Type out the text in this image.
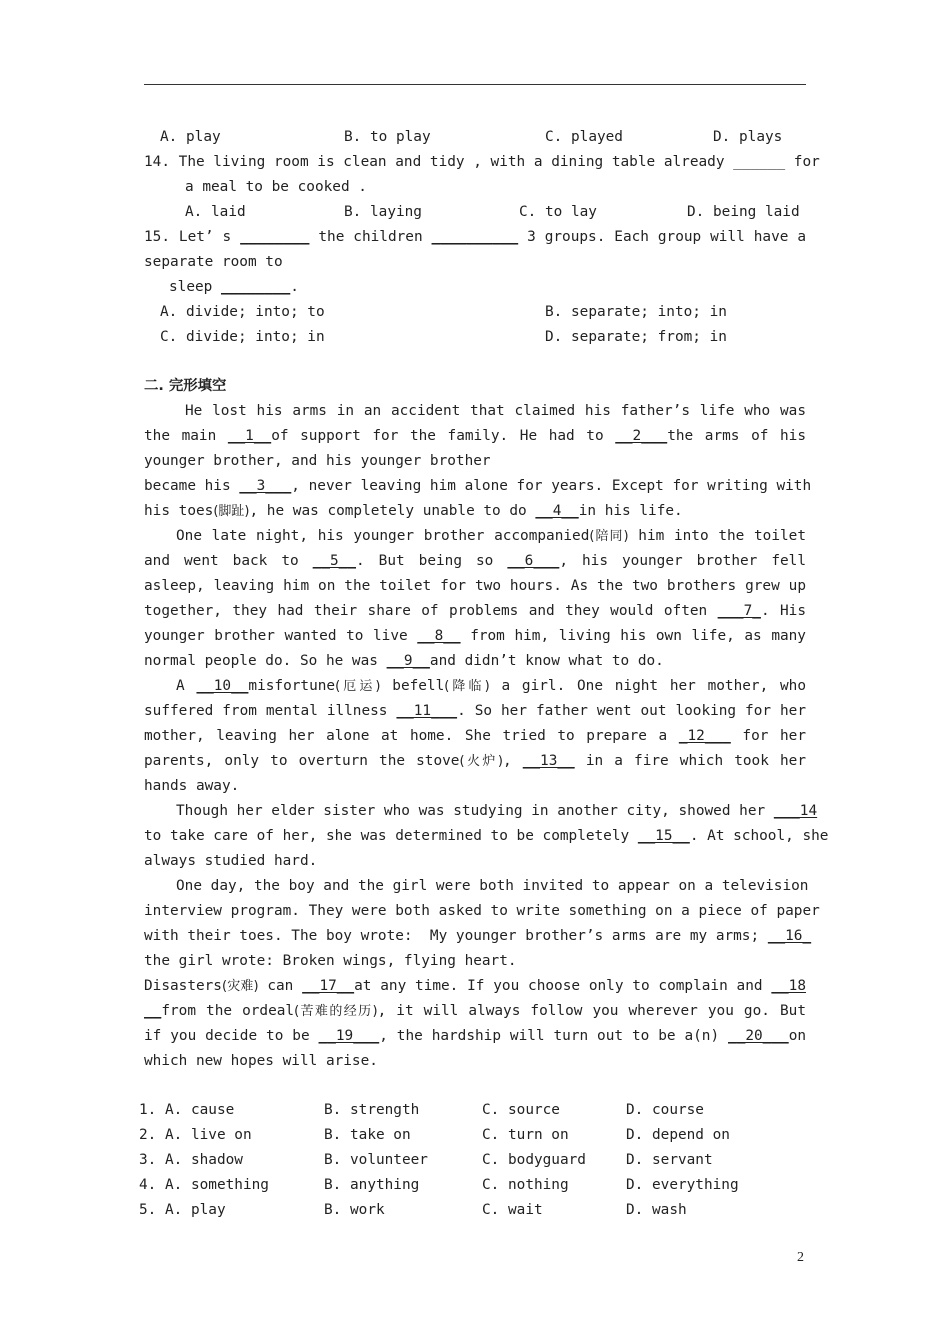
A. play	B. to play	C. played	D. plays
14. The living room is clean and tidy , with a dining table already ______ for
a meal to be cooked .
A. laid	B. laying	C. to lay	D. being laid
15. Let’ s ________ the children __________ 3 groups. Each group will have a
separate room to
sleep ________.
A. divide; into; to	B. separate; into; in
C. divide; into; in	D. separate; from; in
二. 完形填空
He lost his arms in an accident that claimed his father’s life who was
the main __1__of support for the family. He had to __2___the arms of his
younger brother, and his younger brother
became his __3___, never leaving him alone for years. Except for writing with
his toes(脚趾), he was completely unable to do __4__in his life.
One late night, his younger brother accompanied(陪同) him into the toilet
and went back to __5__. But being so __6___, his younger brother fell
asleep, leaving him on the toilet for two hours. As the two brothers grew up
together, they had their share of problems and they would often ___7_. His
younger brother wanted to live __8__ from him, living his own life, as many
normal people do. So he was __9__and didn’t know what to do.
A __10__misfortune(厄运) befell(降临) a girl. One night her mother, who
suffered from mental illness __11___. So her father went out looking for her
mother, leaving her alone at home. She tried to prepare a _12___ for her
parents, only to overturn the stove(火炉), __13__ in a fire which took her
hands away.
Though her elder sister who was studying in another city, showed her ___14
to take care of her, she was determined to be completely __15__. At school, she
always studied hard.
One day, the boy and the girl were both invited to appear on a television
interview program. They were both asked to write something on a piece of paper
with their toes. The boy wrote:  My younger brother’s arms are my arms; __16_
the girl wrote: Broken wings, flying heart.
Disasters(灾难) can __17__at any time. If you choose only to complain and __18
__from the ordeal(苦难的经历), it will always follow you wherever you go. But
if you decide to be __19___, the hardship will turn out to be a(n) __20___on
which new hopes will arise.
1. A. cause	B. strength	C. source	D. course
2. A. live on	B. take on	C. turn on	D. depend on
3. A. shadow	B. volunteer	C. bodyguard	D. servant
4. A. something	B. anything	C. nothing	D. everything
5. A. play	B. work	C. wait	D. wash
2
